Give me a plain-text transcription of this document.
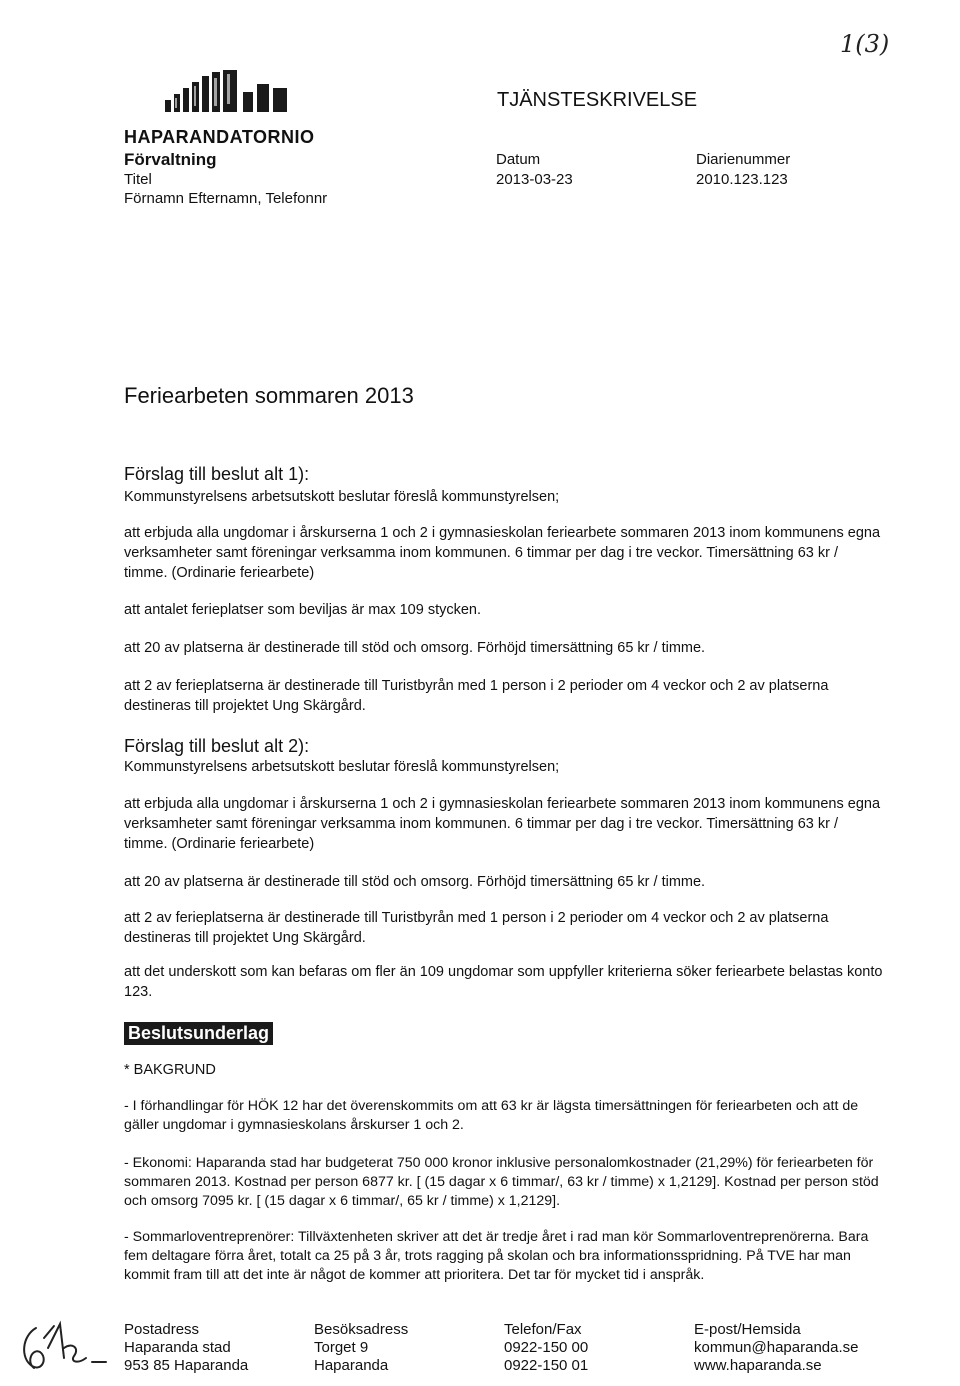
HAPARANDATORNIO
Förvaltning
Titel
Förnamn Efternamn, Telefonnr
TJÄNSTESKRIVELSE
Datum
2013-03-23
Diarienummer
2010.123.123
1(3)
Feriearbeten sommaren 2013
Förslag till beslut alt 1):
Kommunstyrelsens arbetsutskott beslutar föreslå kommunstyrelsen;
att erbjuda alla ungdomar i årskurserna 1 och 2 i gymnasieskolan feriearbete sommaren 2013 inom kommunens egna verksamheter samt föreningar verksamma inom kommunen. 6 timmar per dag i tre veckor. Timersättning 63 kr / timme. (Ordinarie feriearbete)
att antalet ferieplatser som beviljas är max 109 stycken.
att 20 av platserna är destinerade till stöd och omsorg. Förhöjd timersättning 65 kr / timme.
att 2 av ferieplatserna är destinerade till Turistbyrån med 1 person i 2 perioder om 4 veckor och 2 av platserna destineras till projektet Ung Skärgård.
Förslag till beslut alt 2):
Kommunstyrelsens arbetsutskott beslutar föreslå kommunstyrelsen;
att erbjuda alla ungdomar i årskurserna 1 och 2 i gymnasieskolan feriearbete sommaren 2013 inom kommunens egna verksamheter samt föreningar verksamma inom kommunen. 6 timmar per dag i tre veckor. Timersättning 63 kr / timme. (Ordinarie feriearbete)
att 20 av platserna är destinerade till stöd och omsorg. Förhöjd timersättning 65 kr / timme.
att 2 av ferieplatserna är destinerade till Turistbyrån med 1 person i 2 perioder om 4 veckor och 2 av platserna destineras till projektet Ung Skärgård.
att det underskott som kan befaras om fler än 109 ungdomar som uppfyller kriterierna söker feriearbete belastas konto 123.
Beslutsunderlag
* BAKGRUND
- I förhandlingar för HÖK 12 har det överenskommits om att 63 kr är lägsta timersättningen för feriearbeten och att de gäller ungdomar i gymnasieskolans årskurser 1 och 2.
- Ekonomi: Haparanda stad har budgeterat 750 000 kronor inklusive personalomkostnader (21,29%) för feriearbeten för sommaren 2013. Kostnad per person 6877 kr. [ (15 dagar x 6 timmar/, 63 kr / timme) x 1,2129]. Kostnad per person stöd och omsorg 7095 kr. [ (15 dagar x 6 timmar/, 65 kr / timme) x 1,2129].
- Sommarloventreprenörer: Tillväxtenheten skriver att det är tredje året i rad man kör Sommarloventreprenörerna. Bara fem deltagare förra året, totalt ca 25 på 3 år, trots ragging på skolan och bra informationsspridning. På TVE har man kommit fram till att det inte är något de kommer att prioritera. Det tar för mycket tid i anspråk.
Postadress
Haparanda stad
953 85 Haparanda
Besöksadress
Torget 9
Haparanda
Telefon/Fax
0922-150 00
0922-150 01
E-post/Hemsida
kommun@haparanda.se
www.haparanda.se
